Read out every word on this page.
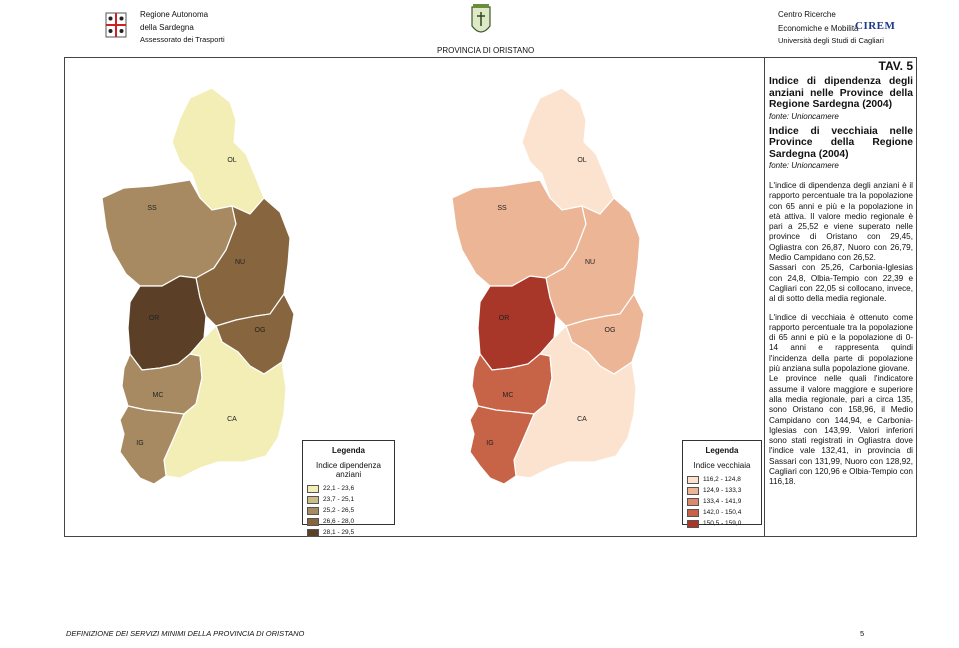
Regione Autonoma
della Sardegna
Assessorato dei Trasporti
PROVINCIA DI ORISTANO
Centro Ricerche
Economiche e Mobilità
Università degli Studi di Cagliari
CIREM
OL
SS
NU
OR
OG
MC
CA
IG
OL
SS
NU
OR
OG
MC
CA
IG
Legenda
Indice dipendenza anziani
22,1 - 23,6
23,7 - 25,1
25,2 - 26,5
26,6 - 28,0
28,1 - 29,5
Legenda
Indice vecchiaia
116,2 - 124,8
124,9 - 133,3
133,4 - 141,9
142,0 - 150,4
150,5 - 159,0
TAV. 5
Indice di dipendenza degli anziani nelle Province della Regione Sardegna (2004)
fonte: Unioncamere
Indice di vecchiaia nelle Province della Regione Sardegna (2004)
fonte: Unioncamere
L'indice di dipendenza degli anziani è il rapporto percentuale tra la popolazione con 65 anni e più e la popolazione in età attiva. Il valore medio regionale è pari a 25,52 e viene superato nelle province di Oristano con 29,45, Ogliastra con 26,87, Nuoro con 26,79, Medio Campidano con 26,52.
Sassari con 25,26, Carbonia-Iglesias con 24,8, Olbia-Tempio con 22,39 e Cagliari con 22,05 si collocano, invece, al di sotto della media regionale.
L'indice di vecchiaia è ottenuto come rapporto percentuale tra la popolazione di 65 anni e più e la popolazione di 0-14 anni e rappresenta quindi l'incidenza della parte di popolazione più anziana sulla popolazione giovane.
Le province nelle quali l'indicatore assume il valore maggiore e superiore alla media regionale, pari a circa 135, sono Oristano con 158,96, il Medio Campidano con 144,94, e Carbonia-Iglesias con 143,99. Valori inferiori sono stati registrati in Ogliastra dove l'indice vale 132,41, in provincia di Sassari con 131,99, Nuoro con 128,92, Cagliari con 120,96 e Olbia-Tempio con 116,18.
DEFINIZIONE DEI SERVIZI MINIMI DELLA PROVINCIA DI ORISTANO	5
